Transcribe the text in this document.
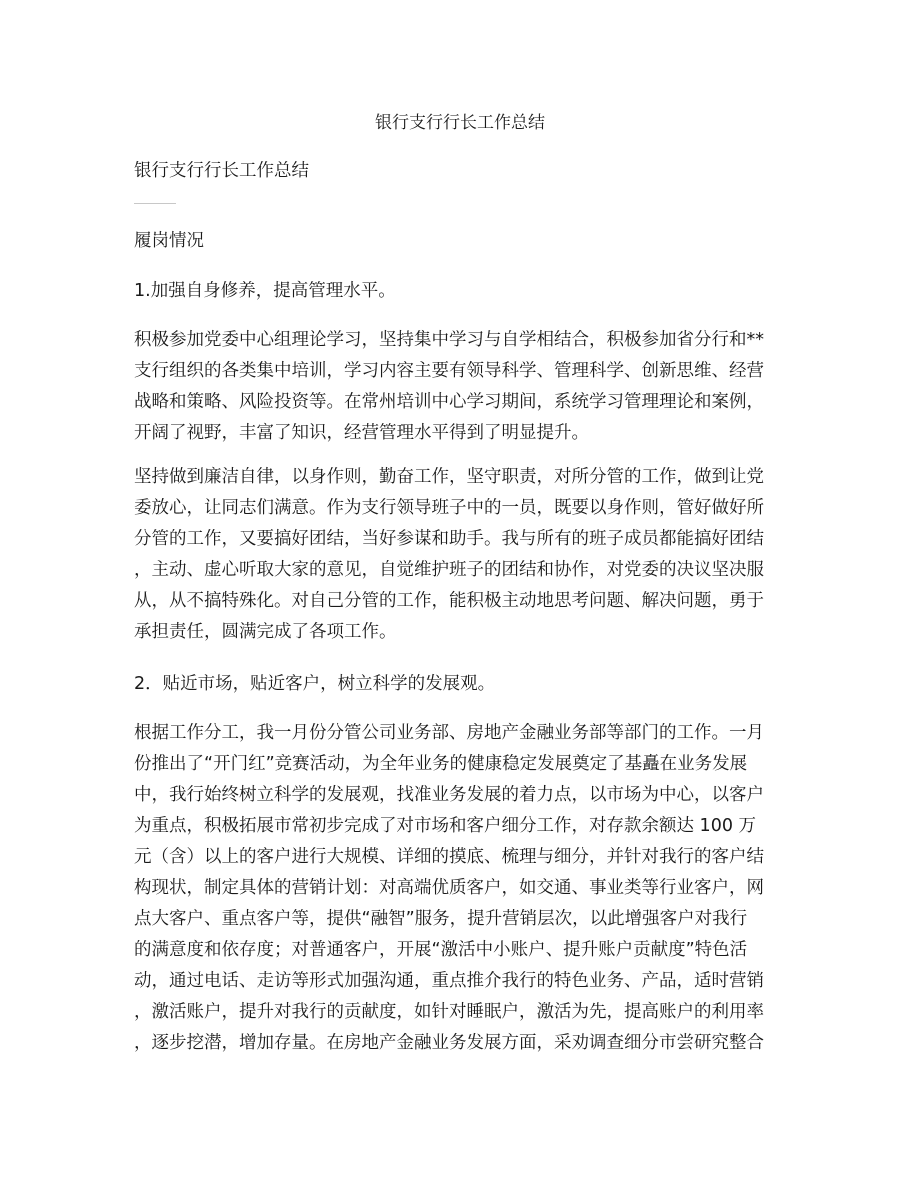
银行支行行长工作总结
银行支行行长工作总结
履岗情况
1.加强自身修养，提高管理水平。
积极参加党委中心组理论学习，坚持集中学习与自学相结合，积极参加省分行和**
支行组织的各类集中培训，学习内容主要有领导科学、管理科学、创新思维、经营
战略和策略、风险投资等。在常州培训中心学习期间，系统学习管理理论和案例，
开阔了视野，丰富了知识，经营管理水平得到了明显提升。
坚持做到廉洁自律，以身作则，勤奋工作，坚守职责，对所分管的工作，做到让党
委放心，让同志们满意。作为支行领导班子中的一员，既要以身作则，管好做好所
分管的工作，又要搞好团结，当好参谋和助手。我与所有的班子成员都能搞好团结
，主动、虚心听取大家的意见，自觉维护班子的团结和协作，对党委的决议坚决服
从，从不搞特殊化。对自己分管的工作，能积极主动地思考问题、解决问题，勇于
承担责任，圆满完成了各项工作。
2．贴近市场，贴近客户，树立科学的发展观。
根据工作分工，我一月份分管公司业务部、房地产金融业务部等部门的工作。一月
份推出了“开门红”竞赛活动，为全年业务的健康稳定发展奠定了基矗在业务发展
中，我行始终树立科学的发展观，找准业务发展的着力点，以市场为中心，以客户
为重点，积极拓展市常初步完成了对市场和客户细分工作，对存款余额达 100 万
元（含）以上的客户进行大规模、详细的摸底、梳理与细分，并针对我行的客户结
构现状，制定具体的营销计划：对高端优质客户，如交通、事业类等行业客户，网
点大客户、重点客户等，提供“融智”服务，提升营销层次，以此增强客户对我行
的满意度和依存度；对普通客户，开展“激活中小账户、提升账户贡献度”特色活
动，通过电话、走访等形式加强沟通，重点推介我行的特色业务、产品，适时营销
，激活账户，提升对我行的贡献度，如针对睡眠户，激活为先，提高账户的利用率
，逐步挖潜，增加存量。在房地产金融业务发展方面，采劝调查细分市尝研究整合
